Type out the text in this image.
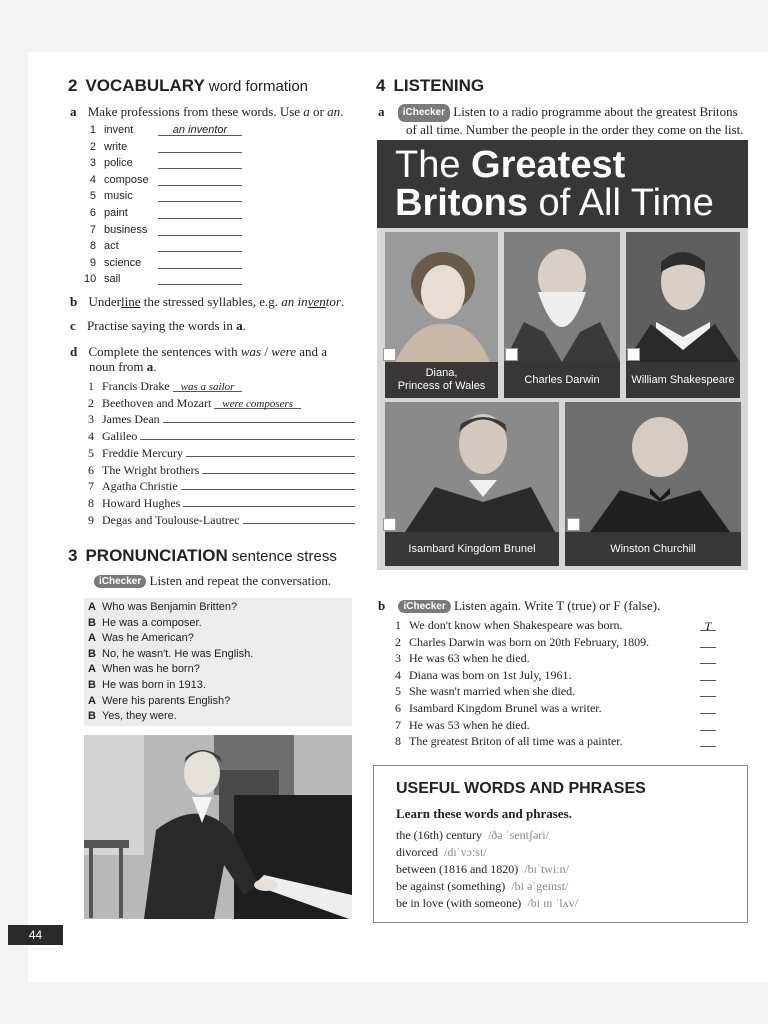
2 VOCABULARY word formation
a Make professions from these words. Use a or an.
1 invent	an inventor
2 write
3 police
4 compose
5 music
6 paint
7 business
8 act
9 science
10 sail
b Underline the stressed syllables, e.g. an inventor.
c Practise saying the words in a.
d Complete the sentences with was / were and a
noun from a.
1 Francis Drake was a sailor
2 Beethoven and Mozart were composers
3 James Dean
4 Galileo
5 Freddie Mercury
6 The Wright brothers
7 Agatha Christie
8 Howard Hughes
9 Degas and Toulouse-Lautrec
3 PRONUNCIATION sentence stress
iChecker Listen and repeat the conversation.
A Who was Benjamin Britten?
B He was a composer.
A Was he American?
B No, he wasn't. He was English.
A When was he born?
B He was born in 1913.
A Were his parents English?
B Yes, they were.
4 LISTENING
a iChecker Listen to a radio programme about the greatest Britons
of all time. Number the people in the order they come on the list.
The Greatest
Britons of All Time
Diana,
Princess of Wales	Charles Darwin	William Shakespeare
Isambard Kingdom Brunel	Winston Churchill
b iChecker Listen again. Write T (true) or F (false).
1 We don't know when Shakespeare was born.	T
2 Charles Darwin was born on 20th February, 1809.
3 He was 63 when he died.
4 Diana was born on 1st July, 1961.
5 She wasn't married when she died.
6 Isambard Kingdom Brunel was a writer.
7 He was 53 when he died.
8 The greatest Briton of all time was a painter.
USEFUL WORDS AND PHRASES
Learn these words and phrases.
the (16th) century /ðə ˈsentʃəri/
divorced /dɪˈvɔːst/
between (1816 and 1820) /bɪˈtwiːn/
be against (something) /bi əˈgeɪnst/
be in love (with someone) /bi ɪn ˈlʌv/
44
